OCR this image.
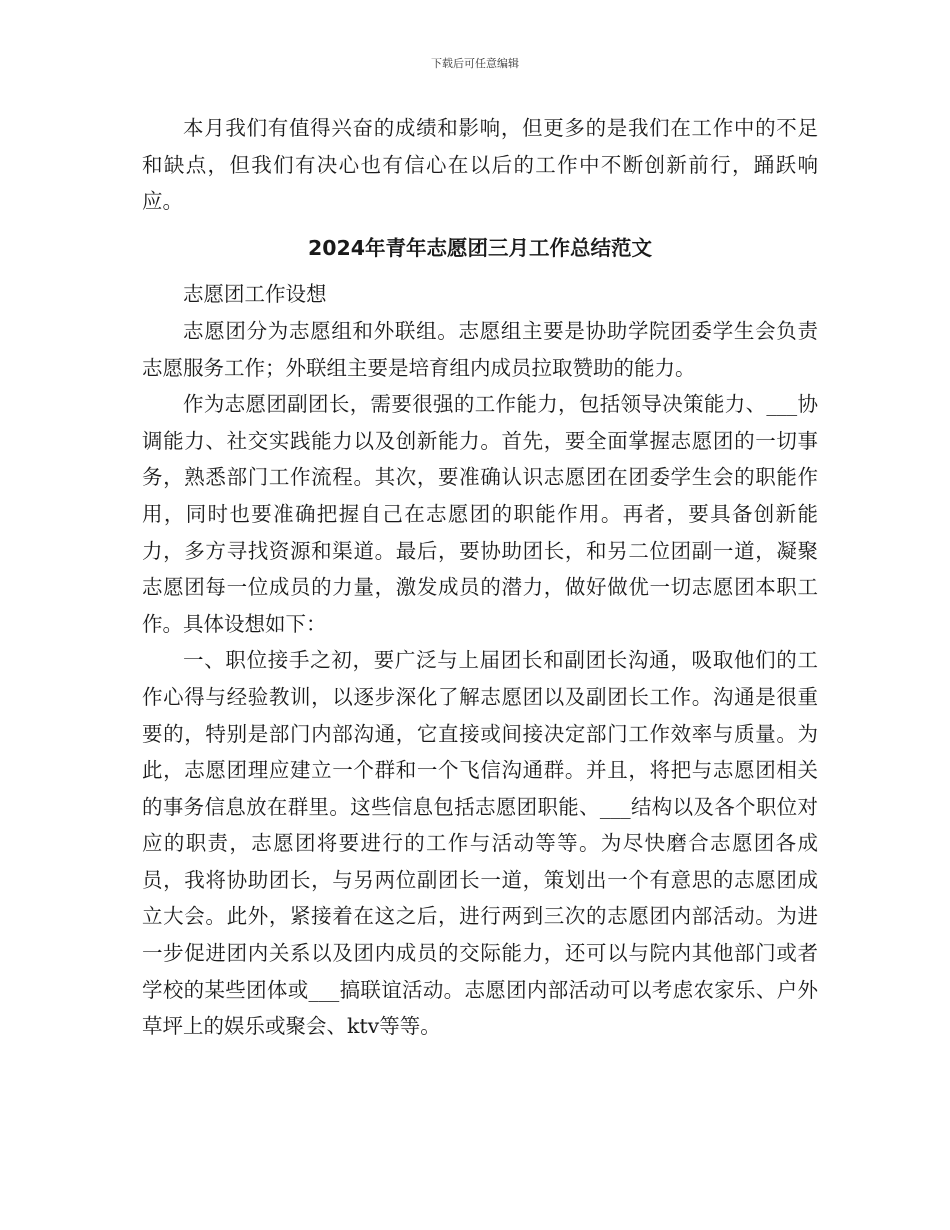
下载后可任意编辑

本月我们有值得兴奋的成绩和影响，但更多的是我们在工作中的不足和缺点，但我们有决心也有信心在以后的工作中不断创新前行，踊跃响应。

2024年青年志愿团三月工作总结范文

志愿团工作设想

志愿团分为志愿组和外联组。志愿组主要是协助学院团委学生会负责志愿服务工作；外联组主要是培育组内成员拉取赞助的能力。

作为志愿团副团长，需要很强的工作能力，包括领导决策能力、___协调能力、社交实践能力以及创新能力。首先，要全面掌握志愿团的一切事务，熟悉部门工作流程。其次，要准确认识志愿团在团委学生会的职能作用，同时也要准确把握自己在志愿团的职能作用。再者，要具备创新能力，多方寻找资源和渠道。最后，要协助团长，和另二位团副一道，凝聚志愿团每一位成员的力量，激发成员的潜力，做好做优一切志愿团本职工作。具体设想如下：

一、职位接手之初，要广泛与上届团长和副团长沟通，吸取他们的工作心得与经验教训，以逐步深化了解志愿团以及副团长工作。沟通是很重要的，特别是部门内部沟通，它直接或间接决定部门工作效率与质量。为此，志愿团理应建立一个群和一个飞信沟通群。并且，将把与志愿团相关的事务信息放在群里。这些信息包括志愿团职能、___结构以及各个职位对应的职责，志愿团将要进行的工作与活动等等。为尽快磨合志愿团各成员，我将协助团长，与另两位副团长一道，策划出一个有意思的志愿团成立大会。此外，紧接着在这之后，进行两到三次的志愿团内部活动。为进一步促进团内关系以及团内成员的交际能力，还可以与院内其他部门或者学校的某些团体或___搞联谊活动。志愿团内部活动可以考虑农家乐、户外草坪上的娱乐或聚会、ktv等等。
